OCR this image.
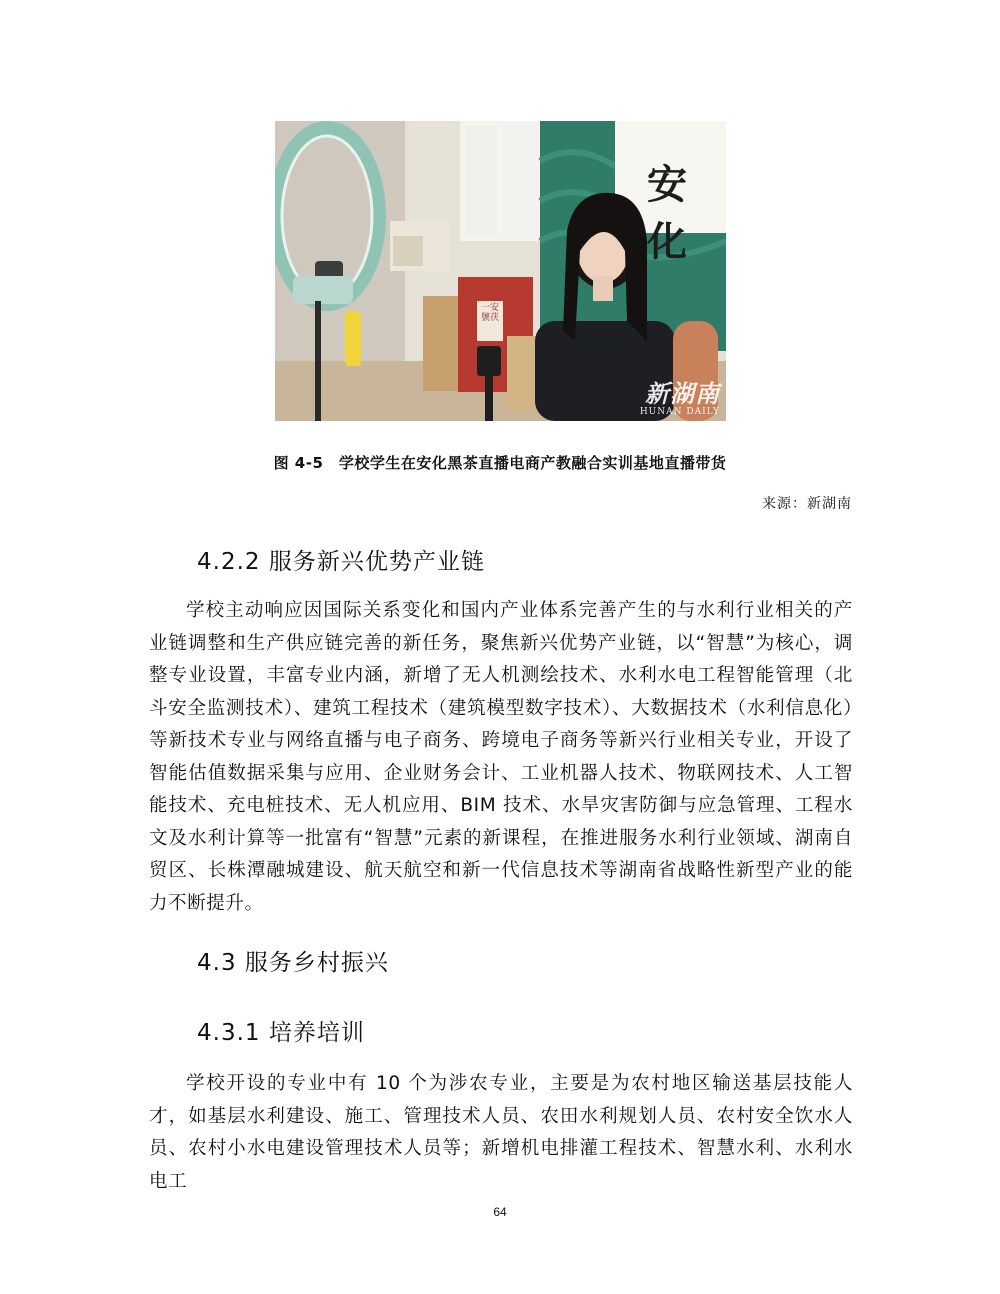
安化
一安號茯
新湖南
HUNAN DAILY
图 4-5　学校学生在安化黑茶直播电商产教融合实训基地直播带货
来源：新湖南
4.2.2 服务新兴优势产业链
学校主动响应因国际关系变化和国内产业体系完善产生的与水利行业相关的产业链调整和生产供应链完善的新任务，聚焦新兴优势产业链，以“智慧”为核心，调整专业设置，丰富专业内涵，新增了无人机测绘技术、水利水电工程智能管理（北斗安全监测技术）、建筑工程技术（建筑模型数字技术）、大数据技术（水利信息化）等新技术专业与网络直播与电子商务、跨境电子商务等新兴行业相关专业，开设了智能估值数据采集与应用、企业财务会计、工业机器人技术、物联网技术、人工智能技术、充电桩技术、无人机应用、BIM 技术、水旱灾害防御与应急管理、工程水文及水利计算等一批富有“智慧”元素的新课程，在推进服务水利行业领域、湖南自贸区、长株潭融城建设、航天航空和新一代信息技术等湖南省战略性新型产业的能力不断提升。
4.3 服务乡村振兴
4.3.1 培养培训
学校开设的专业中有 10 个为涉农专业，主要是为农村地区输送基层技能人才，如基层水利建设、施工、管理技术人员、农田水利规划人员、农村安全饮水人员、农村小水电建设管理技术人员等；新增机电排灌工程技术、智慧水利、水利水电工
64
